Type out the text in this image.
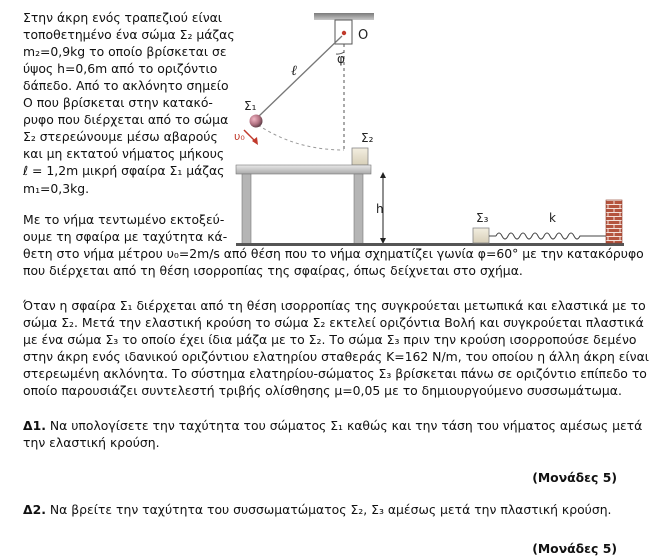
Στην άκρη ενός τραπεζιού είναι
τοποθετημένο ένα σώμα Σ₂ μάζας
m₂=0,9kg το οποίο βρίσκεται σε
ύψος h=0,6m από το οριζόντιο
δάπεδο. Από το ακλόνητο σημείο
Ο που βρίσκεται στην κατακό-
ρυφο που διέρχεται από το σώμα
Σ₂ στερεώνουμε μέσω αβαρούς
και μη εκτατού νήματος μήκους
ℓ = 1,2m μικρή σφαίρα Σ₁ μάζας
m₁=0,3kg.
Με το νήμα τεντωμένο εκτοξεύ-
ουμε τη σφαίρα με ταχύτητα κά-
θετη στο νήμα μέτρου υ₀=2m/s από θέση που το νήμα σχηματίζει γωνία φ=60° με την κατακόρυφο
που διέρχεται από τη θέση ισορροπίας της σφαίρας, όπως δείχνεται στο σχήμα.
Όταν η σφαίρα Σ₁ διέρχεται από τη θέση ισορροπίας της συγκρούεται μετωπικά και ελαστικά με το
σώμα Σ₂. Μετά την ελαστική κρούση το σώμα Σ₂ εκτελεί οριζόντια Βολή και συγκρούεται πλαστικά
με ένα σώμα Σ₃ το οποίο έχει ίδια μάζα με το Σ₂. Το σώμα Σ₃ πριν την κρούση ισορροπούσε δεμένο
στην άκρη ενός ιδανικού οριζόντιου ελατηρίου σταθεράς Κ=162 N/m, του οποίου η άλλη άκρη είναι
στερεωμένη ακλόνητα. Το σύστημα ελατηρίου-σώματος Σ₃ βρίσκεται πάνω σε οριζόντιο επίπεδο το
οποίο παρουσιάζει συντελεστή τριβής ολίσθησης μ=0,05 με το δημιουργούμενο συσσωμάτωμα.
Δ1. Να υπολογίσετε την ταχύτητα του σώματος Σ₁ καθώς και την τάση του νήματος αμέσως μετά
την ελαστική κρούση.
(Μονάδες 5)
Δ2. Να βρείτε την ταχύτητα του συσσωματώματος Σ₂, Σ₃ αμέσως μετά την πλαστική κρούση.
(Μονάδες 5)
O
φ
ℓ
Σ₁
υ₀	Σ₂
h
Σ₃	k
